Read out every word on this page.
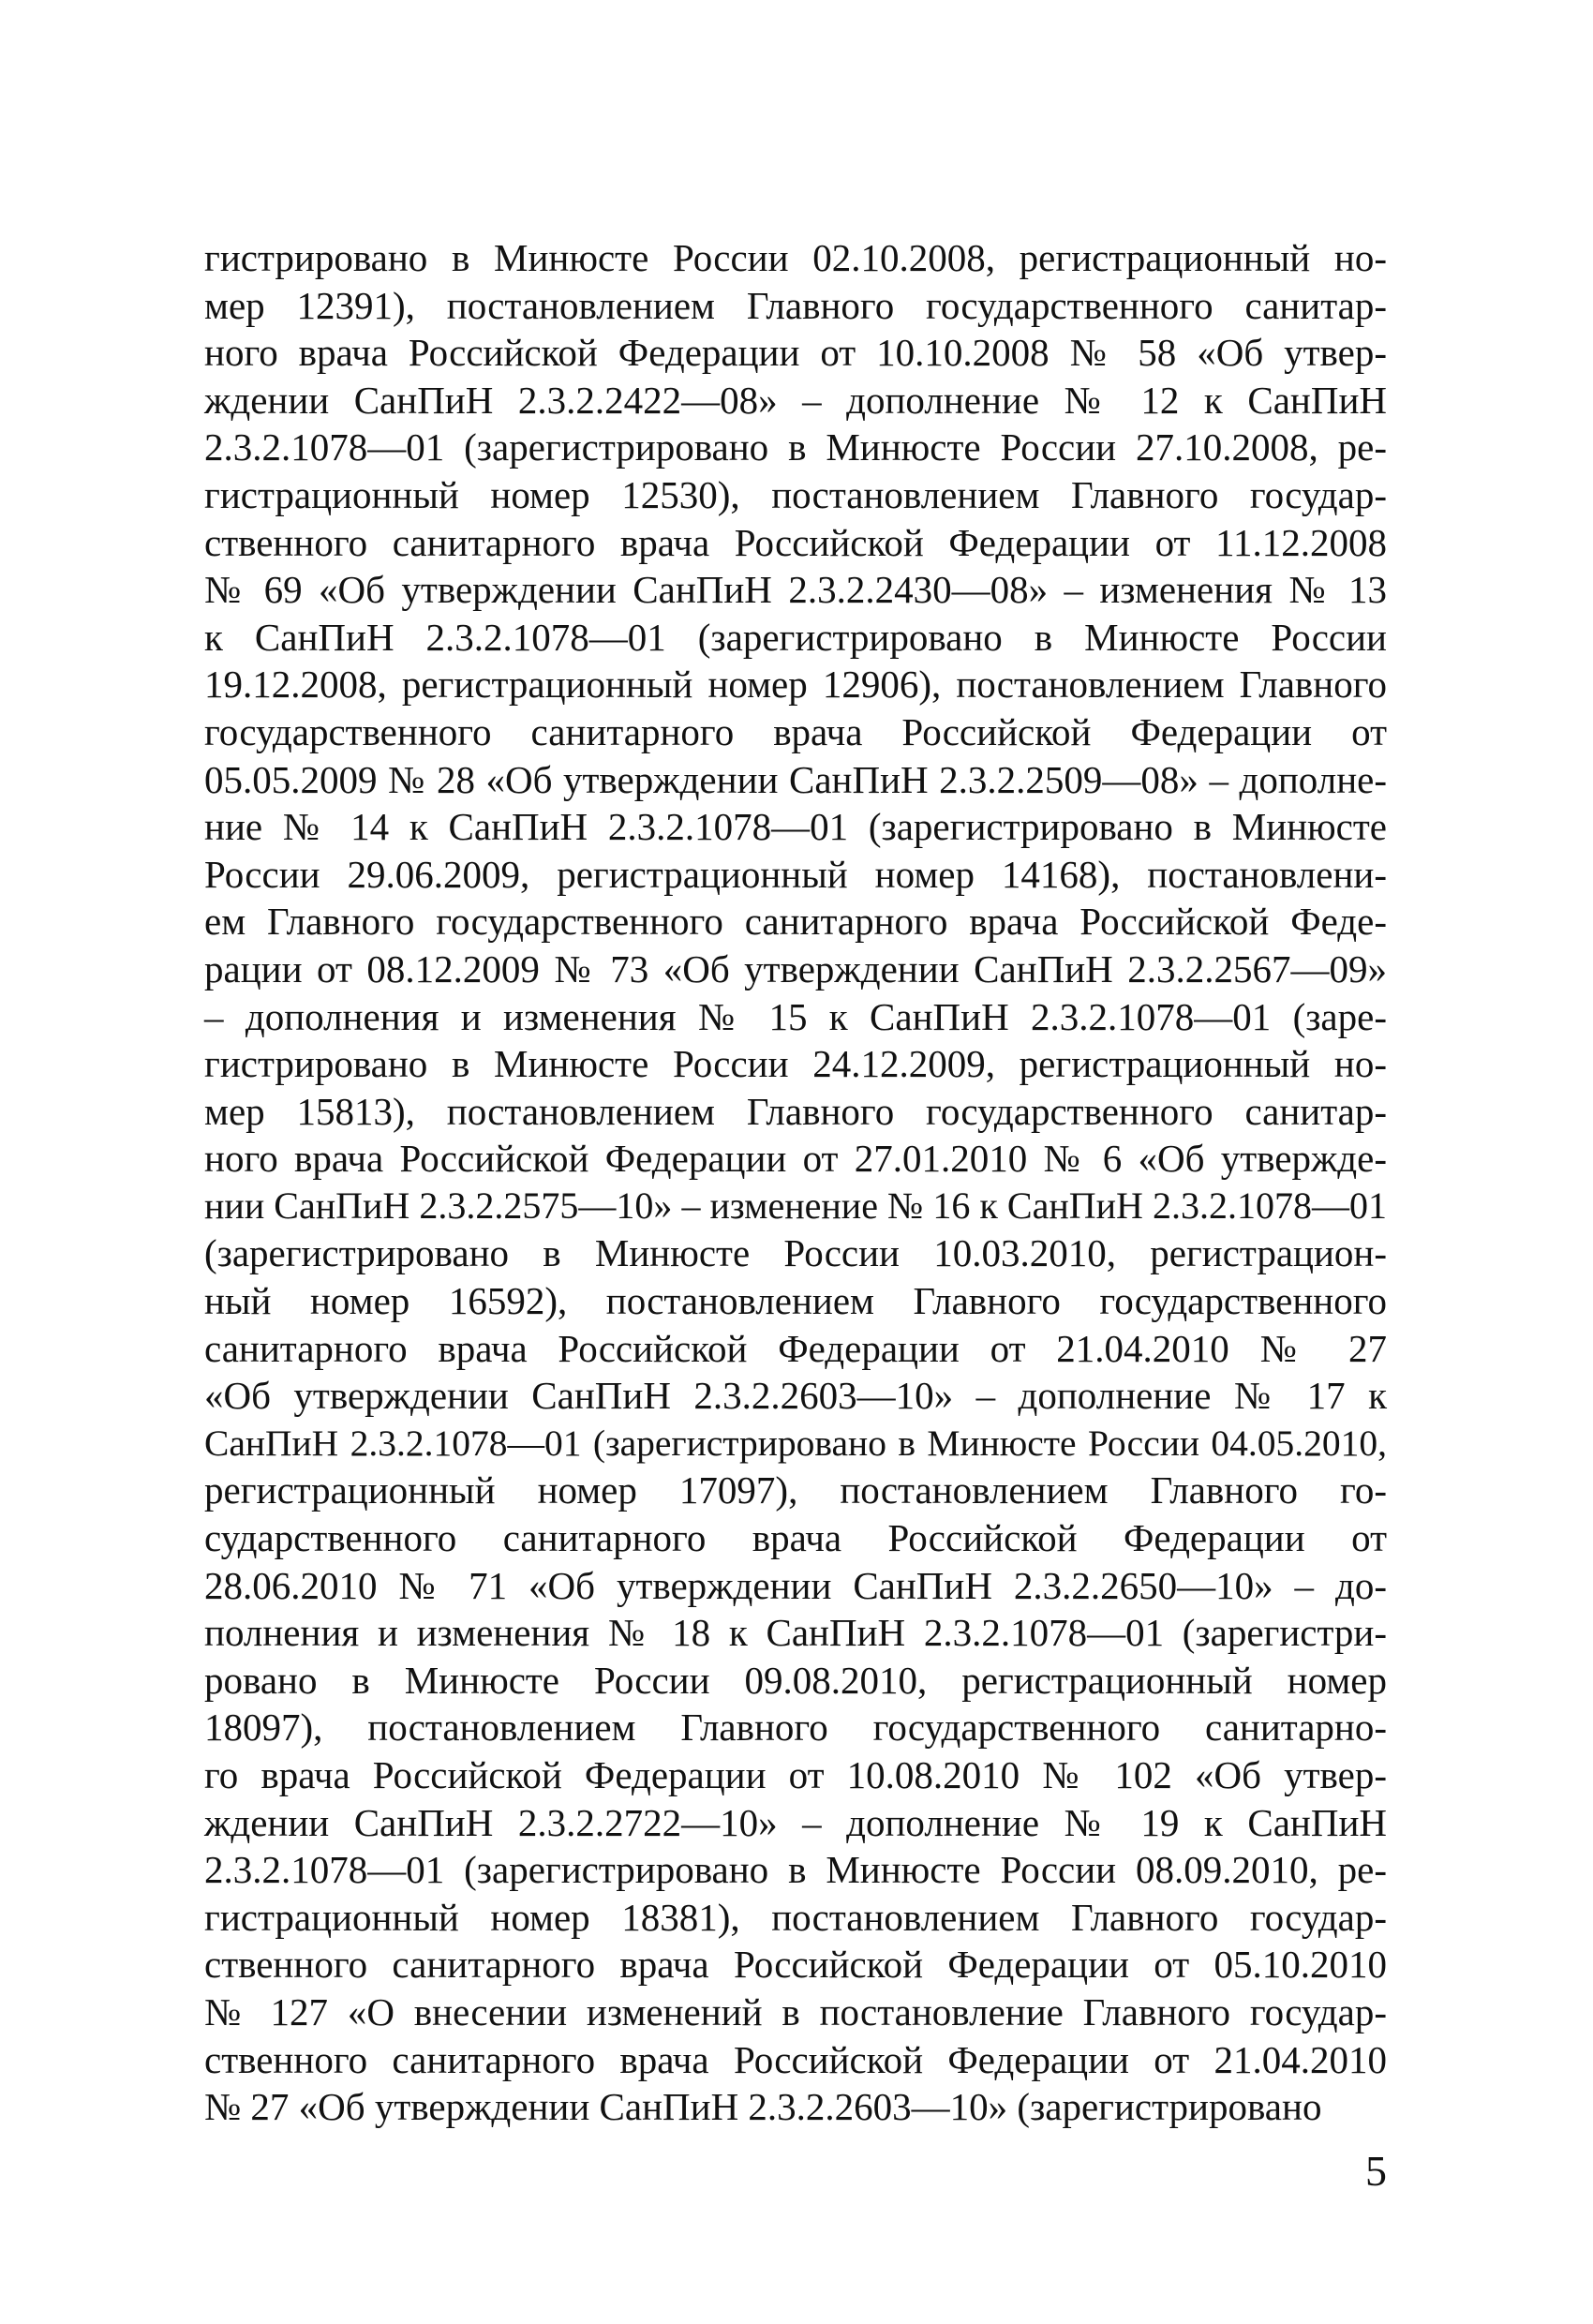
гистрировано в Минюсте России 02.10.2008, регистрационный но-
мер 12391), постановлением Главного государственного санитар-
ного врача Российской Федерации от 10.10.2008 № 58 «Об утвер-
ждении СанПиН 2.3.2.2422—08» – дополнение № 12 к СанПиН
2.3.2.1078—01 (зарегистрировано в Минюсте России 27.10.2008, ре-
гистрационный номер 12530), постановлением Главного государ-
ственного санитарного врача Российской Федерации от 11.12.2008
№ 69 «Об утверждении СанПиН 2.3.2.2430—08» – изменения № 13
к СанПиН 2.3.2.1078—01 (зарегистрировано в Минюсте России
19.12.2008, регистрационный номер 12906), постановлением Главного
государственного санитарного врача Российской Федерации от
05.05.2009 № 28 «Об утверждении СанПиН 2.3.2.2509—08» – дополне-
ние № 14 к СанПиН 2.3.2.1078—01 (зарегистрировано в Минюсте
России 29.06.2009, регистрационный номер 14168), постановлени-
ем Главного государственного санитарного врача Российской Феде-
рации от 08.12.2009 № 73 «Об утверждении СанПиН 2.3.2.2567—09»
– дополнения и изменения № 15 к СанПиН 2.3.2.1078—01 (заре-
гистрировано в Минюсте России 24.12.2009, регистрационный но-
мер 15813), постановлением Главного государственного санитар-
ного врача Российской Федерации от 27.01.2010 № 6 «Об утвержде-
нии СанПиН 2.3.2.2575—10» – изменение № 16 к СанПиН 2.3.2.1078—01
(зарегистрировано в Минюсте России 10.03.2010, регистрацион-
ный номер 16592), постановлением Главного государственного
санитарного врача Российской Федерации от 21.04.2010 № 27
«Об утверждении СанПиН 2.3.2.2603—10» – дополнение № 17 к
СанПиН 2.3.2.1078—01 (зарегистрировано в Минюсте России 04.05.2010,
регистрационный номер 17097), постановлением Главного го-
сударственного санитарного врача Российской Федерации от
28.06.2010 № 71 «Об утверждении СанПиН 2.3.2.2650—10» – до-
полнения и изменения № 18 к СанПиН 2.3.2.1078—01 (зарегистри-
ровано в Минюсте России 09.08.2010, регистрационный номер
18097), постановлением Главного государственного санитарно-
го врача Российской Федерации от 10.08.2010 № 102 «Об утвер-
ждении СанПиН 2.3.2.2722—10» – дополнение № 19 к СанПиН
2.3.2.1078—01 (зарегистрировано в Минюсте России 08.09.2010, ре-
гистрационный номер 18381), постановлением Главного государ-
ственного санитарного врача Российской Федерации от 05.10.2010
№ 127 «О внесении изменений в постановление Главного государ-
ственного санитарного врача Российской Федерации от 21.04.2010
№ 27 «Об утверждении СанПиН 2.3.2.2603—10» (зарегистрировано
5
